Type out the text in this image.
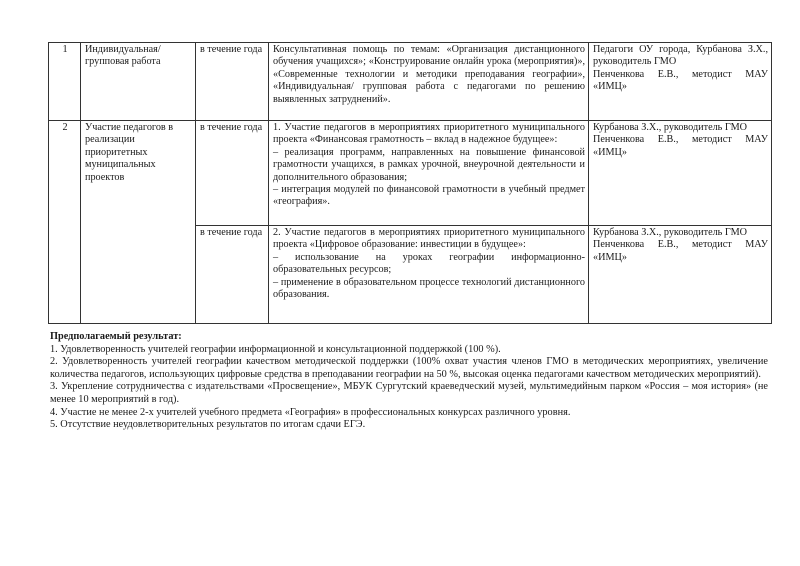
1	Индивидуальная/ групповая работа	в течение года	Консультативная помощь по темам: «Организация дистанционного обучения учащихся»; «Конструирование онлайн урока (мероприятия)», «Современные технологии и методики преподавания географии», «Индивидуальная/ групповая работа с педагогами по решению выявленных затруднений».	Педагоги ОУ города, Курбанова З.Х., руководитель ГМО
Пенченкова Е.В., методист МАУ «ИМЦ»

2	Участие педагогов в реализации приоритетных муниципальных проектов	в течение года	1. Участие педагогов в мероприятиях приоритетного муниципального проекта «Финансовая грамотность – вклад в надежное будущее»:
– реализация программ, направленных на повышение финансовой грамотности учащихся, в рамках урочной, внеурочной деятельности и дополнительного образования;
– интеграция модулей по финансовой грамотности в учебный предмет «география».	Курбанова З.Х., руководитель ГМО
Пенченкова Е.В., методист МАУ «ИМЦ»

		в течение года	2. Участие педагогов в мероприятиях приоритетного муниципального проекта «Цифровое образование: инвестиции в будущее»:
– использование на уроках географии информационно-образовательных ресурсов;
– применение в образовательном процессе технологий дистанционного образования.	Курбанова З.Х., руководитель ГМО
Пенченкова Е.В., методист МАУ «ИМЦ»
Предполагаемый результат:
1. Удовлетворенность учителей географии информационной и консультационной поддержкой (100 %).
2. Удовлетворенность учителей географии качеством методической поддержки (100% охват участия членов ГМО в методических мероприятиях, увеличение количества педагогов, использующих цифровые средства в преподавании географии на 50 %, высокая оценка педагогами качеством методических мероприятий).
3. Укрепление сотрудничества с издательствами «Просвещение», МБУК Сургутский краеведческий музей, мультимедийным парком «Россия – моя история» (не менее 10 мероприятий в год).
4. Участие не менее 2-х учителей учебного предмета «География» в профессиональных конкурсах различного уровня.
5. Отсутствие неудовлетворительных результатов по итогам сдачи ЕГЭ.
